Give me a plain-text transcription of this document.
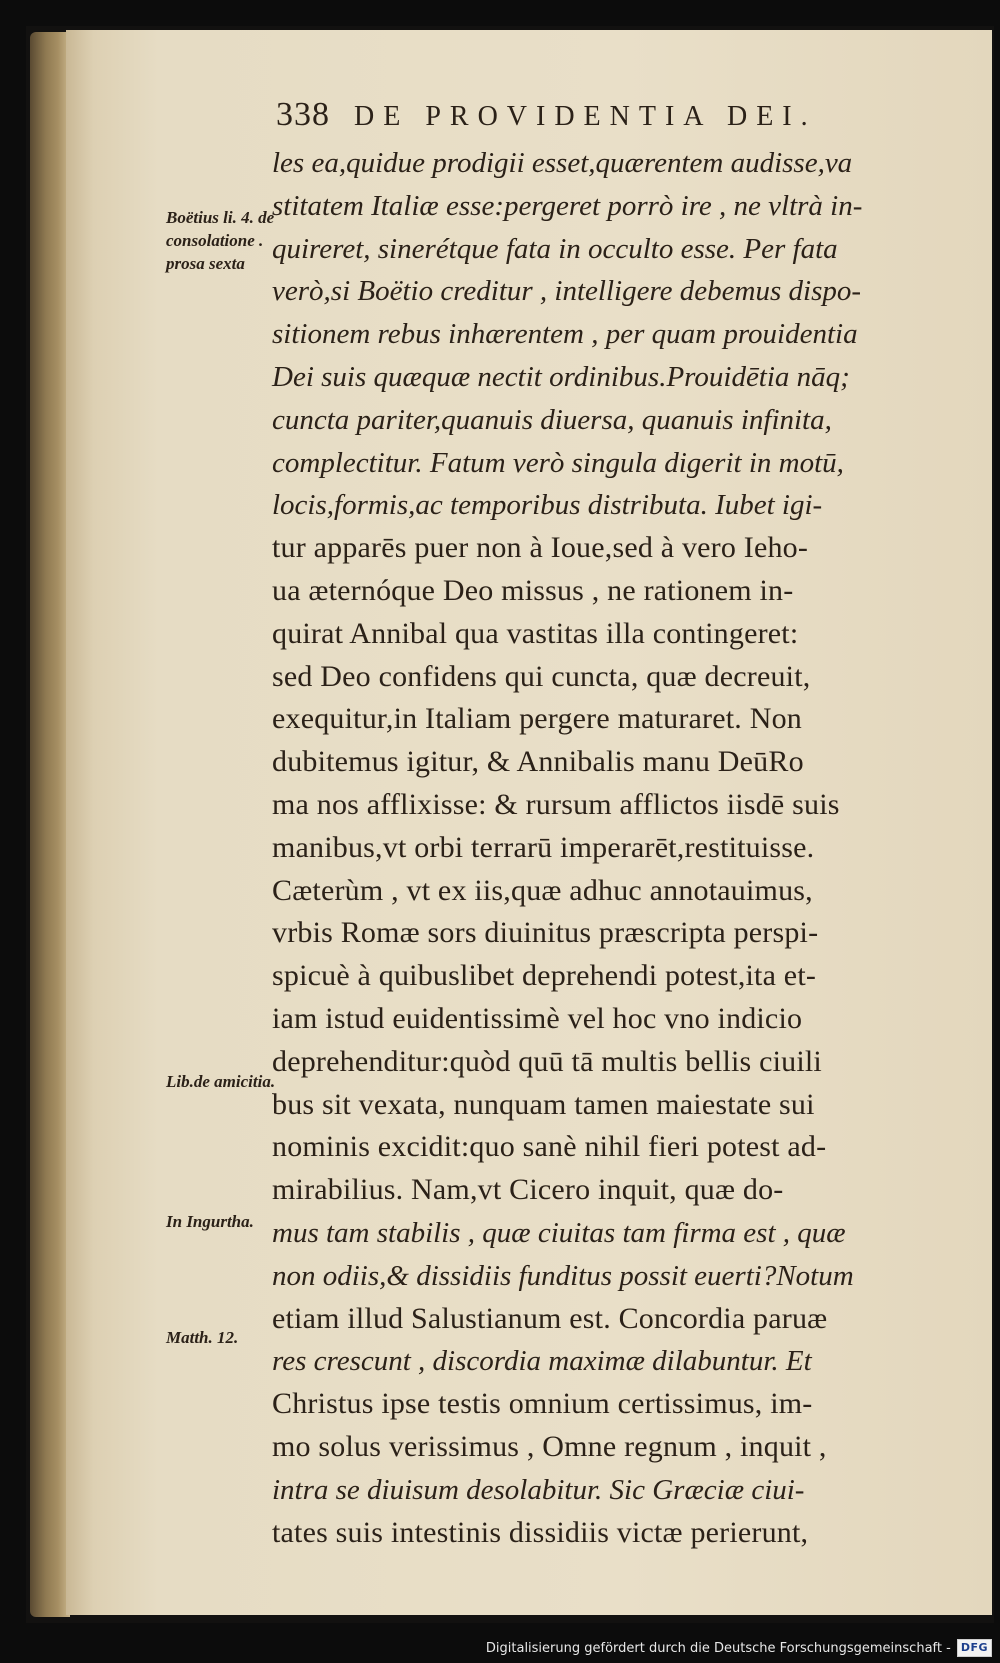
338 DE PROVIDENTIA DEI.
Boëtius li. 4. de consolatione . prosa sexta
Lib.de amicitia.
In Ingurtha.
Matth. 12.
les ea,quidue prodigii esset,quærentem audisse,va
stitatem Italiæ esse:pergeret porrò ire , ne vltrà in-
quireret, sinerétque fata in occulto esse. Per fata
verò,si Boëtio creditur , intelligere debemus dispo-
sitionem rebus inhærentem , per quam prouidentia
Dei suis quæquæ nectit ordinibus.Prouidētia nāq;
cuncta pariter,quanuis diuersa, quanuis infinita,
complectitur. Fatum verò singula digerit in motū,
locis,formis,ac temporibus distributa. Iubet igi-
tur apparēs puer non à Ioue,sed à vero Ieho-
ua æternóque Deo missus , ne rationem in-
quirat Annibal qua vastitas illa contingeret:
sed Deo confidens qui cuncta, quæ decreuit,
exequitur,in Italiam pergere maturaret. Non
dubitemus igitur, & Annibalis manu DeūRo
ma nos afflixisse: & rursum afflictos iisdē suis
manibus,vt orbi terrarū imperarēt,restituisse.
Cæterùm , vt ex iis,quæ adhuc annotauimus,
vrbis Romæ sors diuinitus præscripta perspi-
spicuè à quibuslibet deprehendi potest,ita et-
iam istud euidentissimè vel hoc vno indicio
deprehenditur:quòd quū tā multis bellis ciuili
bus sit vexata, nunquam tamen maiestate sui
nominis excidit:quo sanè nihil fieri potest ad-
mirabilius. Nam,vt Cicero inquit, quæ do-
mus tam stabilis , quæ ciuitas tam firma est , quæ
non odiis,& dissidiis funditus possit euerti?Notum
etiam illud Salustianum est. Concordia paruæ
res crescunt , discordia maximæ dilabuntur. Et
Christus ipse testis omnium certissimus, im-
mo solus verissimus , Omne regnum , inquit ,
intra se diuisum desolabitur. Sic Græciæ ciui-
tates suis intestinis dissidiis victæ perierunt,
Digitalisierung gefördert durch die Deutsche Forschungsgemeinschaft - DFG
